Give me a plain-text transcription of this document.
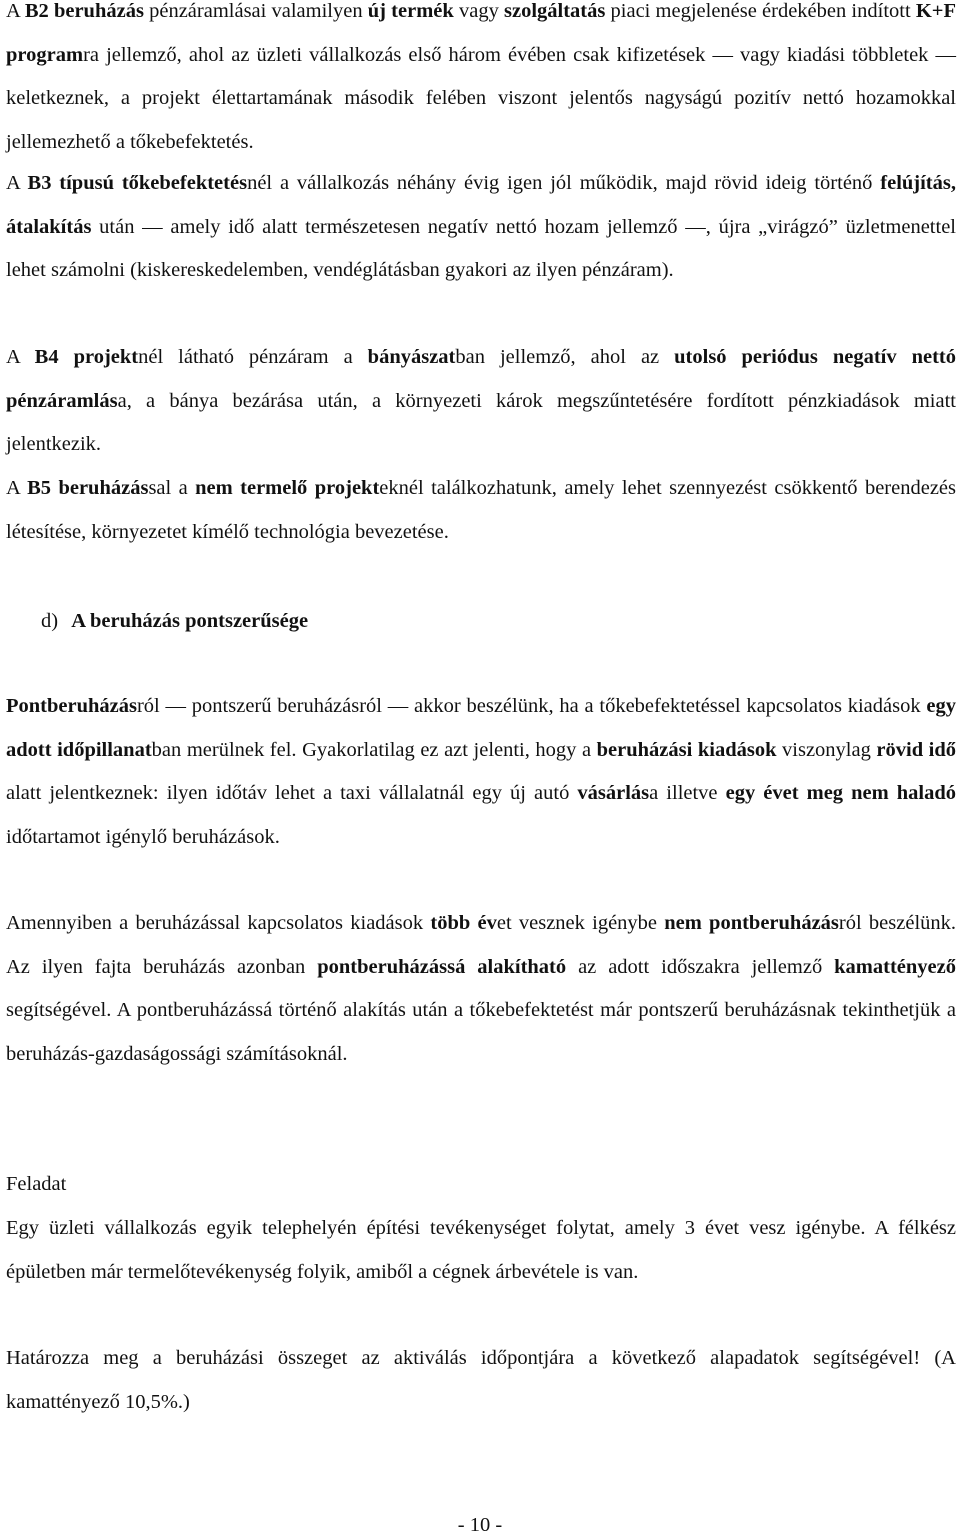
A B2 beruházás pénzáramlásai valamilyen új termék vagy szolgáltatás piaci megjelenése érdekében indított K+F programra jellemző, ahol az üzleti vállalkozás első három évében csak kifizetések — vagy kiadási többletek — keletkeznek, a projekt élettartamának második felében viszont jelentős nagyságú pozitív nettó hozamokkal jellemezhető a tőkebefektetés.

A B3 típusú tőkebefektetésnél a vállalkozás néhány évig igen jól működik, majd rövid ideig történő felújítás, átalakítás után — amely idő alatt természetesen negatív nettó hozam jellemző —, újra „virágzó” üzletmenettel lehet számolni (kiskereskedelemben, vendéglátásban gyakori az ilyen pénzáram).

A B4 projektnél látható pénzáram a bányászatban jellemző, ahol az utolsó periódus negatív nettó pénzáramlása, a bánya bezárása után, a környezeti károk megszűntetésére fordított pénzkiadások miatt jelentkezik.

A B5 beruházással a nem termelő projekteknél találkozhatunk, amely lehet szennyezést csökkentő berendezés létesítése, környezetet kímélő technológia bevezetése.

d) A beruházás pontszerűsége

Pontberuházásról — pontszerű beruházásról — akkor beszélünk, ha a tőkebefektetéssel kapcsolatos kiadások egy adott időpillanatban merülnek fel. Gyakorlatilag ez azt jelenti, hogy a beruházási kiadások viszonylag rövid idő alatt jelentkeznek: ilyen időtáv lehet a taxi vállalatnál egy új autó vásárlása illetve egy évet meg nem haladó időtartamot igénylő beruházások.

Amennyiben a beruházással kapcsolatos kiadások több évet vesznek igénybe nem pontberuházásról beszélünk. Az ilyen fajta beruházás azonban pontberuházássá alakítható az adott időszakra jellemző kamattényező segítségével. A pontberuházássá történő alakítás után a tőkebefektetést már pontszerű beruházásnak tekinthetjük a beruházás-gazdaságossági számításoknál.

Feladat

Egy üzleti vállalkozás egyik telephelyén építési tevékenységet folytat, amely 3 évet vesz igénybe. A félkész épületben már termelőtevékenység folyik, amiből a cégnek árbevétele is van.

Határozza meg a beruházási összeget az aktiválás időpontjára a következő alapadatok segítségével! (A kamattényező 10,5%.)

- 10 -
